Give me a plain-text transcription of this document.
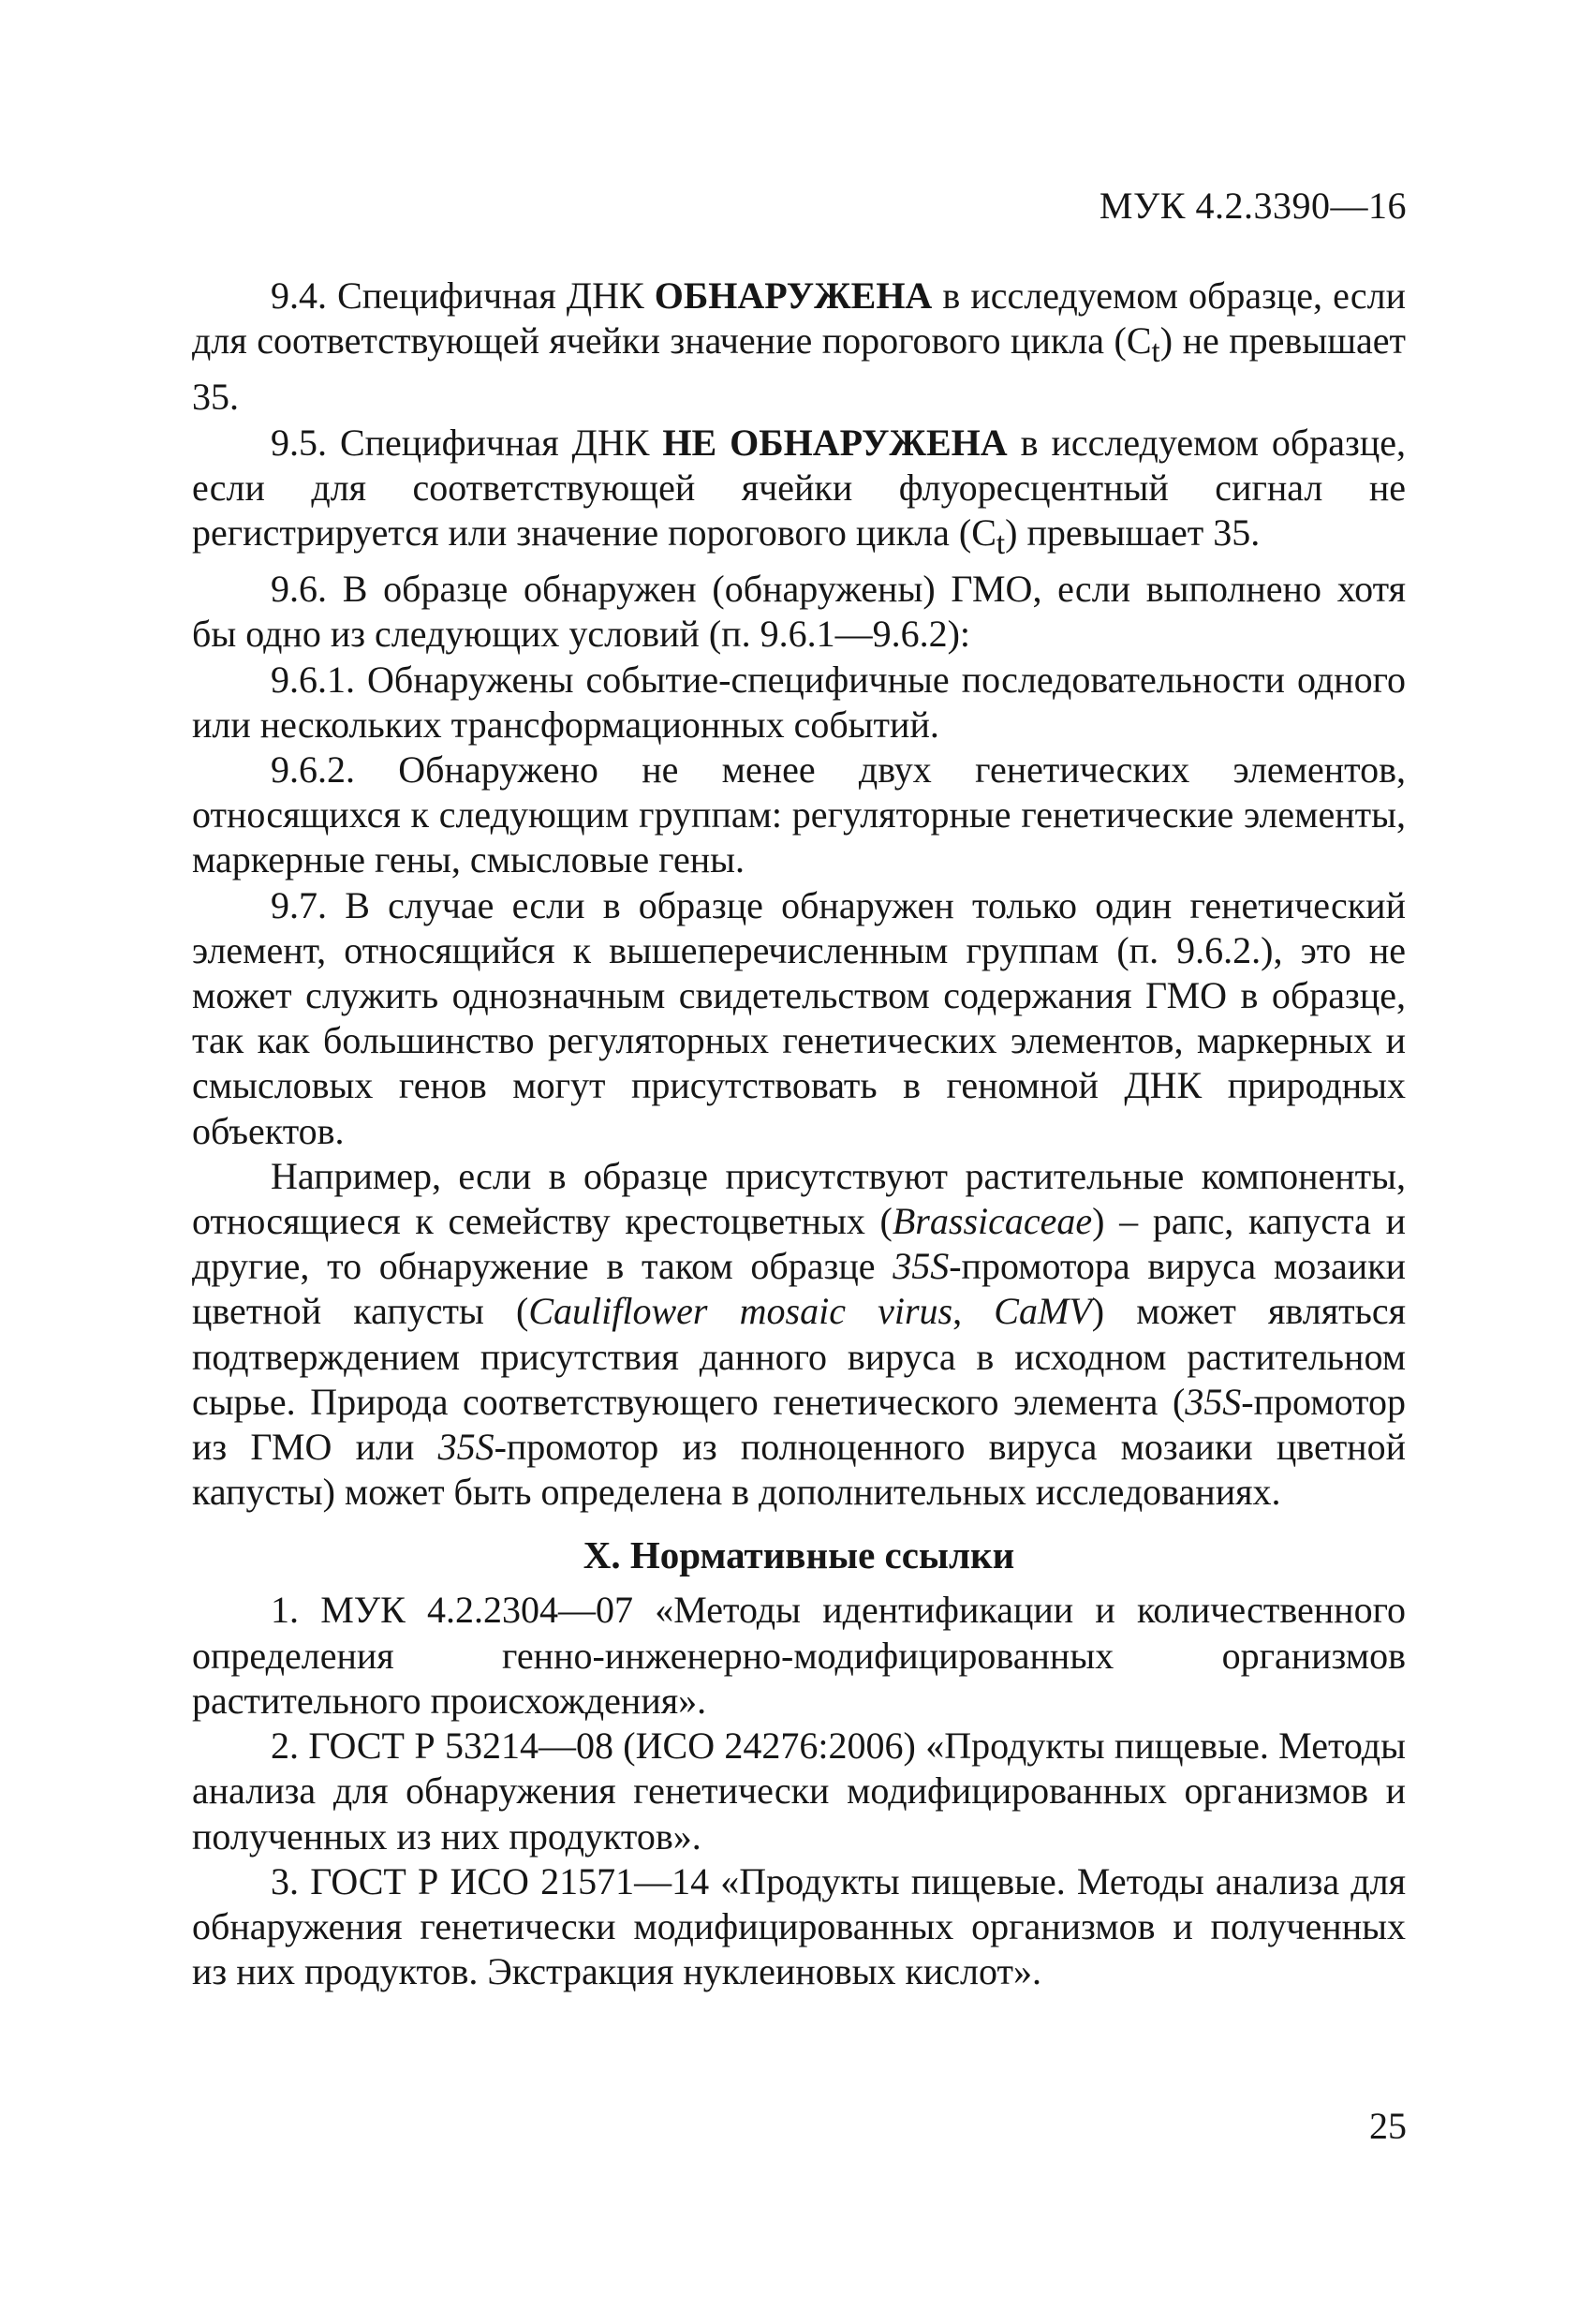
МУК 4.2.3390—16

9.4. Специфичная ДНК ОБНАРУЖЕНА в исследуемом образце, если для соответствующей ячейки значение порогового цикла $(C_t)$ не превышает 35.

9.5. Специфичная ДНК НЕ ОБНАРУЖЕНА в исследуемом образце, если для соответствующей ячейки флуоресцентный сигнал не регистрируется или значение порогового цикла $(C_t)$ превышает 35.

9.6. В образце обнаружен (обнаружены) ГМО, если выполнено хотя бы одно из следующих условий (п. 9.6.1—9.6.2):

9.6.1. Обнаружены событие-специфичные последовательности одного или нескольких трансформационных событий.

9.6.2. Обнаружено не менее двух генетических элементов, относящихся к следующим группам: регуляторные генетические элементы, маркерные гены, смысловые гены.

9.7. В случае если в образце обнаружен только один генетический элемент, относящийся к вышеперечисленным группам (п. 9.6.2.), это не может служить однозначным свидетельством содержания ГМО в образце, так как большинство регуляторных генетических элементов, маркерных и смысловых генов могут присутствовать в геномной ДНК природных объектов.

Например, если в образце присутствуют растительные компоненты, относящиеся к семейству крестоцветных (Brassicaceae) – рапс, капуста и другие, то обнаружение в таком образце 35S-промотора вируса мозаики цветной капусты (Cauliflower mosaic virus, CaMV) может являться подтверждением присутствия данного вируса в исходном растительном сырье. Природа соответствующего генетического элемента (35S-промотор из ГМО или 35S-промотор из полноценного вируса мозаики цветной капусты) может быть определена в дополнительных исследованиях.

X. Нормативные ссылки

1. МУК 4.2.2304—07 «Методы идентификации и количественного определения генно-инженерно-модифицированных организмов растительного происхождения».

2. ГОСТ Р 53214—08 (ИСО 24276:2006) «Продукты пищевые. Методы анализа для обнаружения генетически модифицированных организмов и полученных из них продуктов».

3. ГОСТ Р ИСО 21571—14 «Продукты пищевые. Методы анализа для обнаружения генетически модифицированных организмов и полученных из них продуктов. Экстракция нуклеиновых кислот».

25
